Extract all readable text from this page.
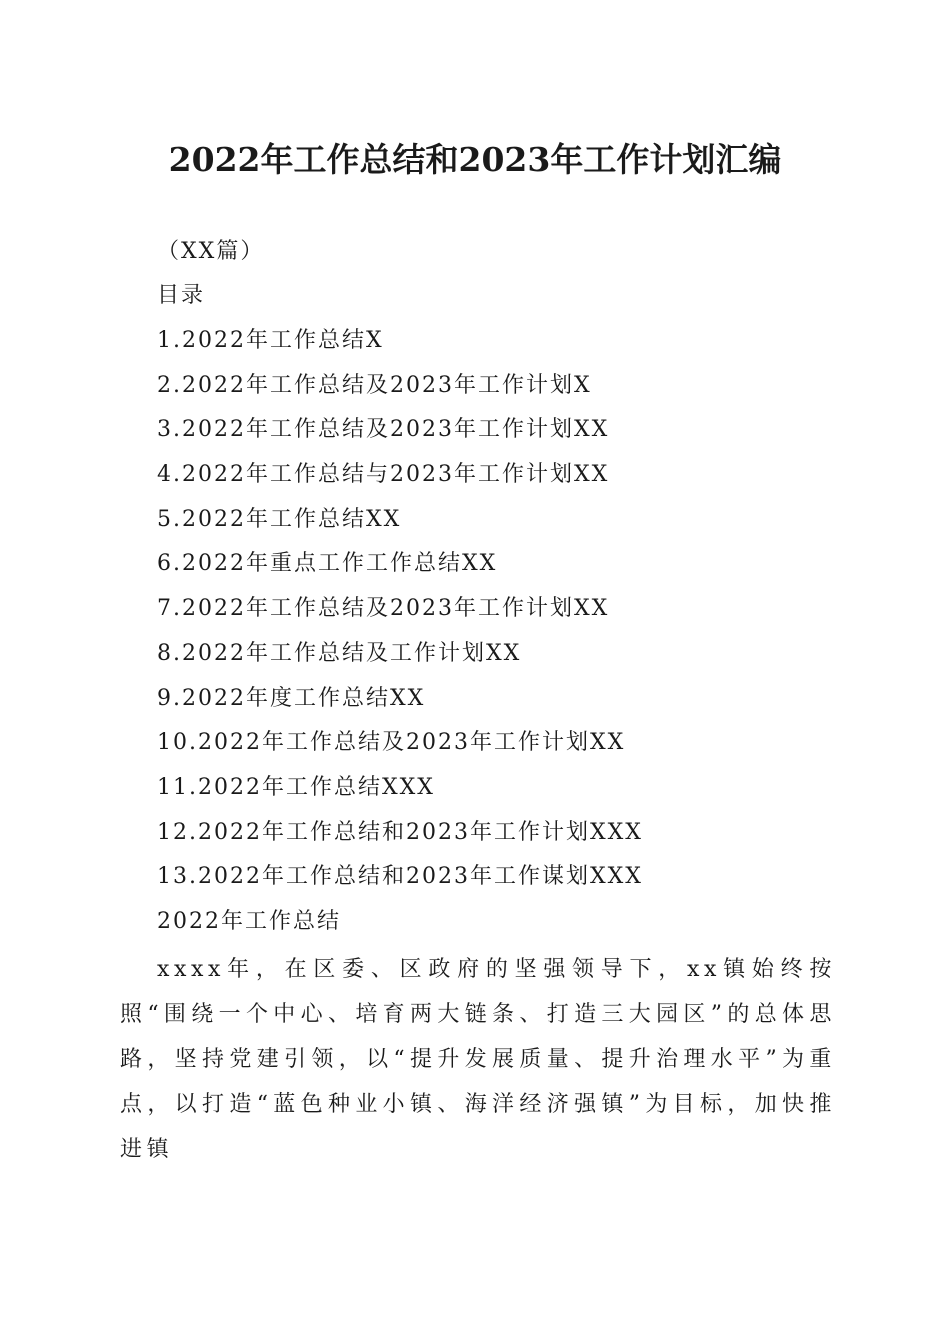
2022年工作总结和2023年工作计划汇编

（XX篇）

目录

1.2022年工作总结X
2.2022年工作总结及2023年工作计划X
3.2022年工作总结及2023年工作计划XX
4.2022年工作总结与2023年工作计划XX
5.2022年工作总结XX
6.2022年重点工作工作总结XX
7.2022年工作总结及2023年工作计划XX
8.2022年工作总结及工作计划XX
9.2022年度工作总结XX
10.2022年工作总结及2023年工作计划XX
11.2022年工作总结XXX
12.2022年工作总结和2023年工作计划XXX
13.2022年工作总结和2023年工作谋划XXX

2022年工作总结

xxxx年，在区委、区政府的坚强领导下，xx镇始终按照“围绕一个中心、培育两大链条、打造三大园区”的总体思路，坚持党建引领，以“提升发展质量、提升治理水平”为重点，以打造“蓝色种业小镇、海洋经济强镇”为目标，加快推进镇
